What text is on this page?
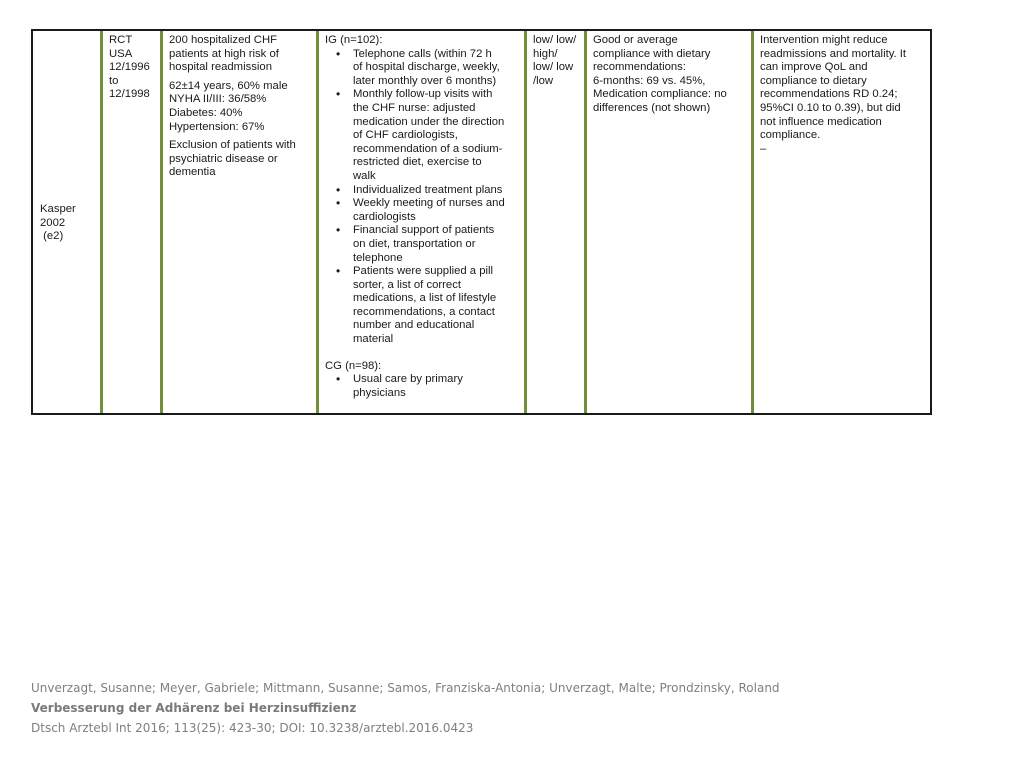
Kasper
2002
(e2)
RCT
USA
12/1996
to
12/1998
200 hospitalized CHF
patients at high risk of
hospital readmission
62±14 years, 60% male
NYHA II/III: 36/58%
Diabetes: 40%
Hypertension: 67%
Exclusion of patients with
psychiatric disease or
dementia
IG (n=102):
• Telephone calls (within 72 h
of hospital discharge, weekly,
later monthly over 6 months)
• Monthly follow-up visits with
the CHF nurse: adjusted
medication under the direction
of CHF cardiologists,
recommendation of a sodium-
restricted diet, exercise to
walk
• Individualized treatment plans
• Weekly meeting of nurses and
cardiologists
• Financial support of patients
on diet, transportation or
telephone
• Patients were supplied a pill
sorter, a list of correct
medications, a list of lifestyle
recommendations, a contact
number and educational
material
CG (n=98):
• Usual care by primary
physicians
low/ low/
high/
low/ low
/low
Good or average
compliance with dietary
recommendations:
6-months: 69 vs. 45%,
Medication compliance: no
differences (not shown)
Intervention might reduce
readmissions and mortality. It
can improve QoL and
compliance to dietary
recommendations RD 0.24;
95%CI 0.10 to 0.39), but did
not influence medication
compliance.
–
Unverzagt, Susanne; Meyer, Gabriele; Mittmann, Susanne; Samos, Franziska-Antonia; Unverzagt, Malte; Prondzinsky, Roland
Verbesserung der Adhärenz bei Herzinsuffizienz
Dtsch Arztebl Int 2016; 113(25): 423-30; DOI: 10.3238/arztebl.2016.0423
